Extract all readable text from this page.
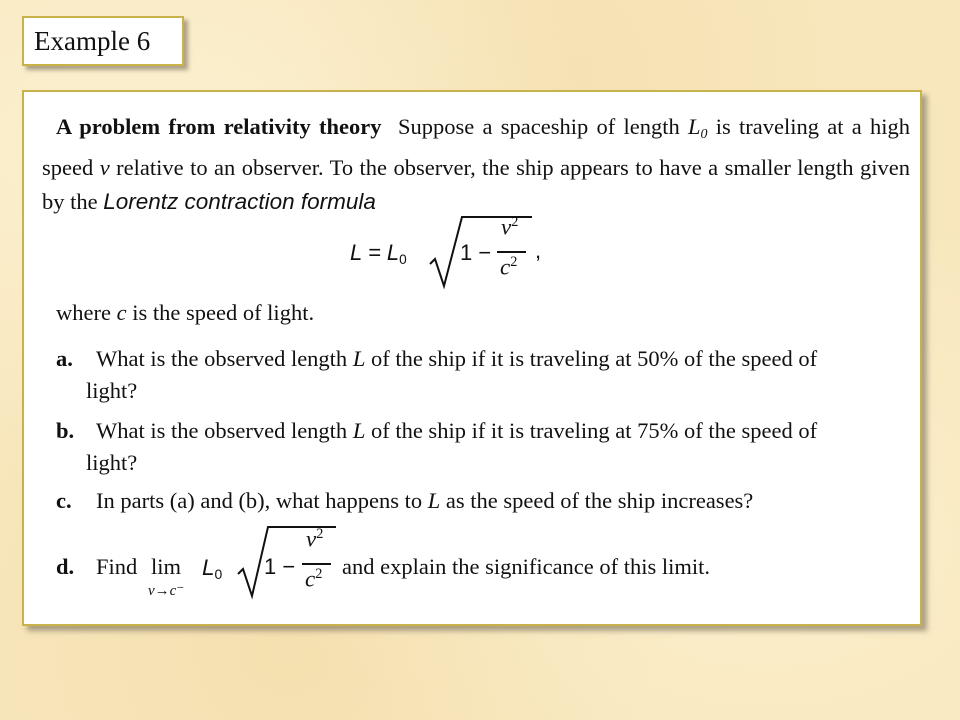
Example 6
A problem from relativity theory Suppose a spaceship of length $L_0$ is traveling at a high speed v relative to an observer. To the observer, the ship appears to have a smaller length given by the Lorentz contraction formula
$L = L_0$ 1 −
$v^2$
$c^2$ ,
where c is the speed of light.
a. What is the observed length L of the ship if it is traveling at 50% of the speed of
light?
b. What is the observed length L of the ship if it is traveling at 75% of the speed of
light?
c. In parts (a) and (b), what happens to L as the speed of the ship increases?
d. Find lim
v→c⁻
$L_0$ 1 −
$v^2$
$c^2$ and explain the significance of this limit.
